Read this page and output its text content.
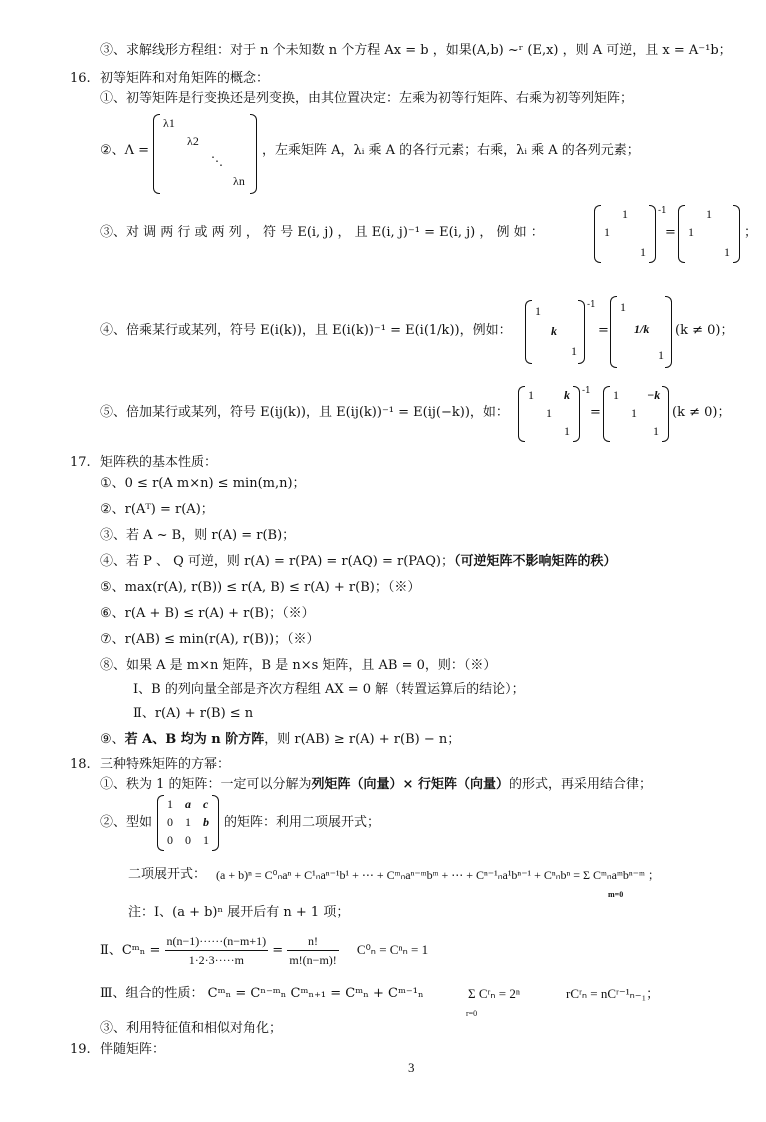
③、求解线形方程组：对于 n 个未知数 n 个方程 Ax = b ，如果(A,b) ~ʳ (E,x) ，则 A 可逆，且 x = A⁻¹b；
16. 初等矩阵和对角矩阵的概念：
①、初等矩阵是行变换还是列变换，由其位置决定：左乘为初等行矩阵、右乘为初等列矩阵；
②、Λ =
λ1
λ2
⋱
λn
，左乘矩阵 A，λᵢ 乘 A 的各行元素；右乘，λᵢ 乘 A 的各列元素；
③、对 调 两 行 或 两 列 ， 符 号 E(i, j) ， 且 E(i, j)⁻¹ = E(i, j) ， 例 如 ：
1
1
1
-1
=
1
1
1
；
④、倍乘某行或某列，符号 E(i(k))，且 E(i(k))⁻¹ = E(i(1/k))，例如：
1
k
1
-1
=
1
1/k
1
(k ≠ 0)；
⑤、倍加某行或某列，符号 E(ij(k))，且 E(ij(k))⁻¹ = E(ij(−k))，如：
1	k
1
1
-1
=
1 −k
1
1
(k ≠ 0)；
17. 矩阵秩的基本性质：
①、0 ≤ r(A m×n) ≤ min(m,n)；
②、r(Aᵀ) = r(A)；
③、若 A ~ B，则 r(A) = r(B)；
④、若 P 、 Q 可逆，则 r(A) = r(PA) = r(AQ) = r(PAQ)；（可逆矩阵不影响矩阵的秩）
⑤、max(r(A), r(B)) ≤ r(A, B) ≤ r(A) + r(B)；（※）
⑥、r(A + B) ≤ r(A) + r(B)；（※）
⑦、r(AB) ≤ min(r(A), r(B))；（※）
⑧、如果 A 是 m×n 矩阵，B 是 n×s 矩阵，且 AB = 0，则：（※）
Ⅰ、B 的列向量全部是齐次方程组 AX = 0 解（转置运算后的结论）；
Ⅱ、r(A) + r(B) ≤ n
⑨、若 A、B 均为 n 阶方阵，则 r(AB) ≥ r(A) + r(B) − n；
18. 三种特殊矩阵的方幂：
①、秩为 1 的矩阵：一定可以分解为列矩阵（向量）× 行矩阵（向量）的形式，再采用结合律；
②、型如
1 a c
0 1 b
0 0 1
的矩阵：利用二项展开式；
二项展开式： (a + b)ⁿ = C⁰ₙaⁿ + C¹ₙaⁿ⁻¹b¹ + ⋯ + Cᵐₙaⁿ⁻ᵐbᵐ + ⋯ + Cⁿ⁻¹ₙa¹bⁿ⁻¹ + Cⁿₙbⁿ = Σ Cᵐₙaᵐbⁿ⁻ᵐ ；
m=0
注：Ⅰ、(a + b)ⁿ 展开后有 n + 1 项；
Ⅱ、Cᵐₙ = $\frac{n(n-1)\cdot\cdot\cdot\cdot\cdot\cdot(n-m+1)}{1\cdot 2\cdot 3\cdot\cdot\cdot\cdot\cdot m} = \frac{n!}{m!(n-m)!} C^0_n = C^n_n = 1$
Ⅲ、组合的性质： Cᵐₙ = Cⁿ⁻ᵐₙ Cᵐₙ₊₁ = Cᵐₙ + Cᵐ⁻¹ₙ	Σ Cʳₙ = 2ⁿ
r=0
rCʳₙ = nCʳ⁻¹ₙ₋₁；
③、利用特征值和相似对角化；
19. 伴随矩阵：
3
